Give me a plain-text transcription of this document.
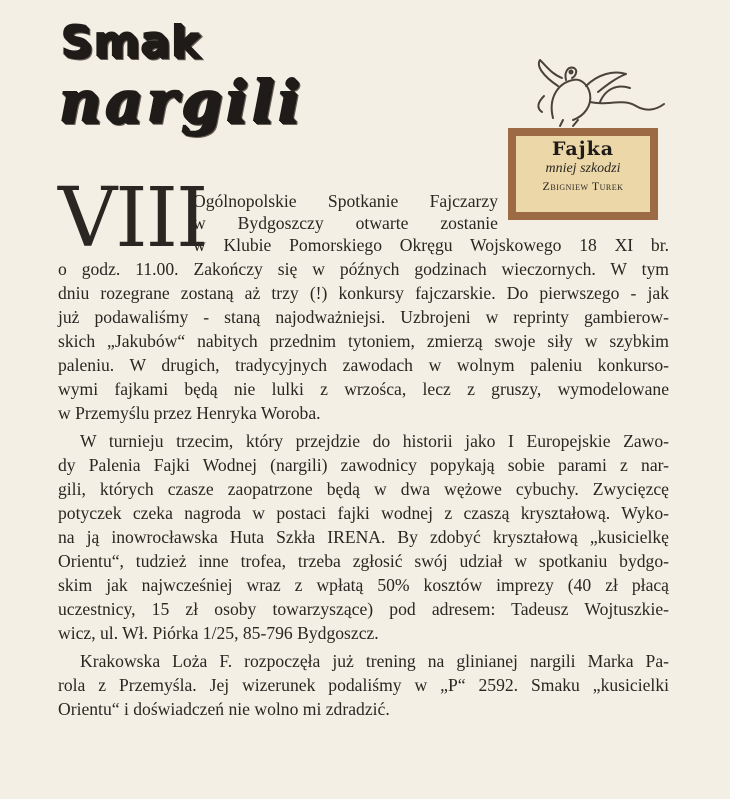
Smak
nargili
Fajka
mniej szkodzi
Zbigniew Turek
VIII
Ogólnopolskie Spotkanie Fajczarzy
w Bydgoszczy otwarte zostanie
w Klubie Pomorskiego Okręgu Wojskowego 18 XI br.
o godz. 11.00. Zakończy się w późnych godzinach wieczornych. W tym
dniu rozegrane zostaną aż trzy (!) konkursy fajczarskie. Do pierwszego - jak
już podawaliśmy - staną najodważniejsi. Uzbrojeni w reprinty gambierow-
skich „Jakubów“ nabitych przednim tytoniem, zmierzą swoje siły w szybkim
paleniu. W drugich, tradycyjnych zawodach w wolnym paleniu konkurso-
wymi fajkami będą nie lulki z wrzośca, lecz z gruszy, wymodelowane
w Przemyślu przez Henryka Woroba.
W turnieju trzecim, który przejdzie do historii jako I Europejskie Zawo-
dy Palenia Fajki Wodnej (nargili) zawodnicy popykają sobie parami z nar-
gili, których czasze zaopatrzone będą w dwa wężowe cybuchy. Zwycięzcę
potyczek czeka nagroda w postaci fajki wodnej z czaszą kryształową. Wyko-
na ją inowrocławska Huta Szkła IRENA. By zdobyć kryształową „kusicielkę
Orientu“, tudzież inne trofea, trzeba zgłosić swój udział w spotkaniu bydgo-
skim jak najwcześniej wraz z wpłatą 50% kosztów imprezy (40 zł płacą
uczestnicy, 15 zł osoby towarzyszące) pod adresem: Tadeusz Wojtuszkie-
wicz, ul. Wł. Piórka 1/25, 85-796 Bydgoszcz.
Krakowska Loża F. rozpoczęła już trening na glinianej nargili Marka Pa-
rola z Przemyśla. Jej wizerunek podaliśmy w „P“ 2592. Smaku „kusicielki
Orientu“ i doświadczeń nie wolno mi zdradzić.
